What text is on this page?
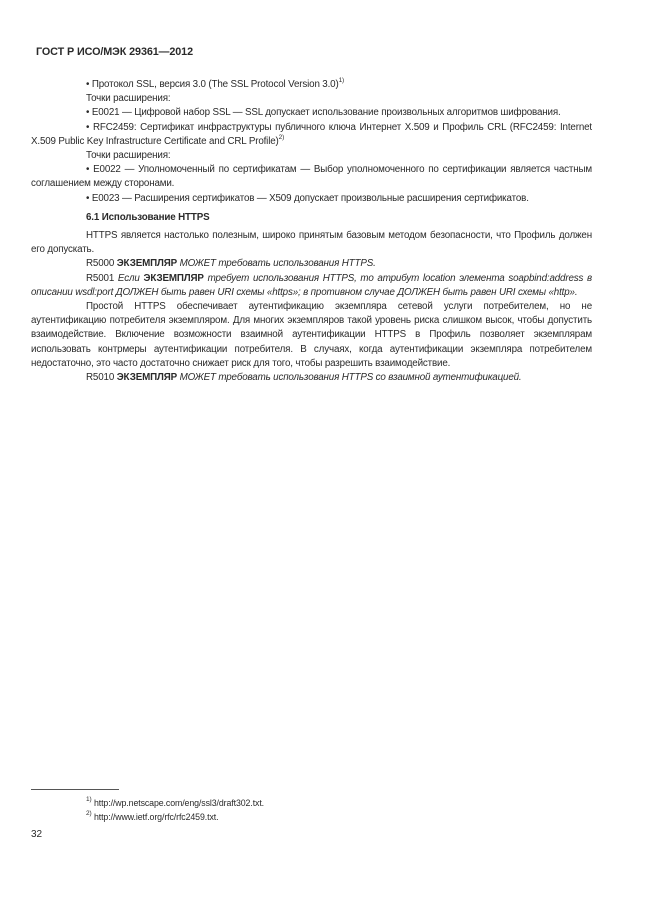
ГОСТ Р ИСО/МЭК 29361—2012

• Протокол SSL, версия 3.0 (The SSL Protocol Version 3.0)$^{1)}$

Точки расширения:

• E0021 — Цифровой набор SSL — SSL допускает использование произвольных алгоритмов шифрования.

• RFC2459: Сертификат инфраструктуры публичного ключа Интернет X.509 и Профиль CRL (RFC2459: Internet X.509 Public Key Infrastructure Certificate and CRL Profile)$^{2)}$

Точки расширения:

• E0022 — Уполномоченный по сертификатам — Выбор уполномоченного по сертификации является частным соглашением между сторонами.

• E0023 — Расширения сертификатов — X509 допускает произвольные расширения сертификатов.

6.1 Использование HTTPS

HTTPS является настолько полезным, широко принятым базовым методом безопасности, что Профиль должен его допускать.

R5000 ЭКЗЕМПЛЯР МОЖЕТ требовать использования HTTPS.

R5001 Если ЭКЗЕМПЛЯР требует использования HTTPS, то атрибут location элемента soapbind:address в описании wsdl:port ДОЛЖЕН быть равен URI схемы «https»; в противном случае ДОЛЖЕН быть равен URI схемы «http».

Простой HTTPS обеспечивает аутентификацию экземпляра сетевой услуги потребителем, но не аутентификацию потребителя экземпляром. Для многих экземпляров такой уровень риска слишком высок, чтобы допустить взаимодействие. Включение возможности взаимной аутентификации HTTPS в Профиль позволяет экземплярам использовать контрмеры аутентификации потребителя. В случаях, когда аутентификации экземпляра потребителем недостаточно, это часто достаточно снижает риск для того, чтобы разрешить взаимодействие.

R5010 ЭКЗЕМПЛЯР МОЖЕТ требовать использования HTTPS со взаимной аутентификацией.

$^{1)}$ http://wp.netscape.com/eng/ssl3/draft302.txt.
$^{2)}$ http://www.ietf.org/rfc/rfc2459.txt.
32
